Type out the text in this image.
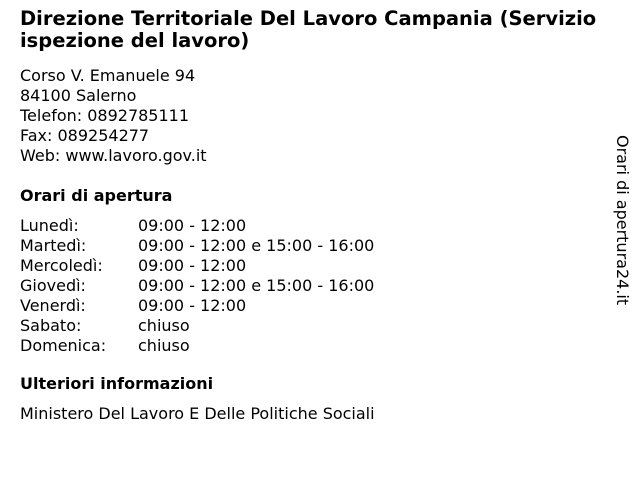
Direzione Territoriale Del Lavoro Campania (Servizio
ispezione del lavoro)
Corso V. Emanuele 94
84100 Salerno
Telefon: 0892785111
Fax: 089254277
Web: www.lavoro.gov.it
Orari di apertura
Lunedì:	09:00 - 12:00
Martedì:	09:00 - 12:00 e 15:00 - 16:00
Mercoledì:	09:00 - 12:00
Giovedì:	09:00 - 12:00 e 15:00 - 16:00
Venerdì:	09:00 - 12:00
Sabato:	chiuso
Domenica:	chiuso
Ulteriori informazioni
Ministero Del Lavoro E Delle Politiche Sociali
Orari di apertura24.it
